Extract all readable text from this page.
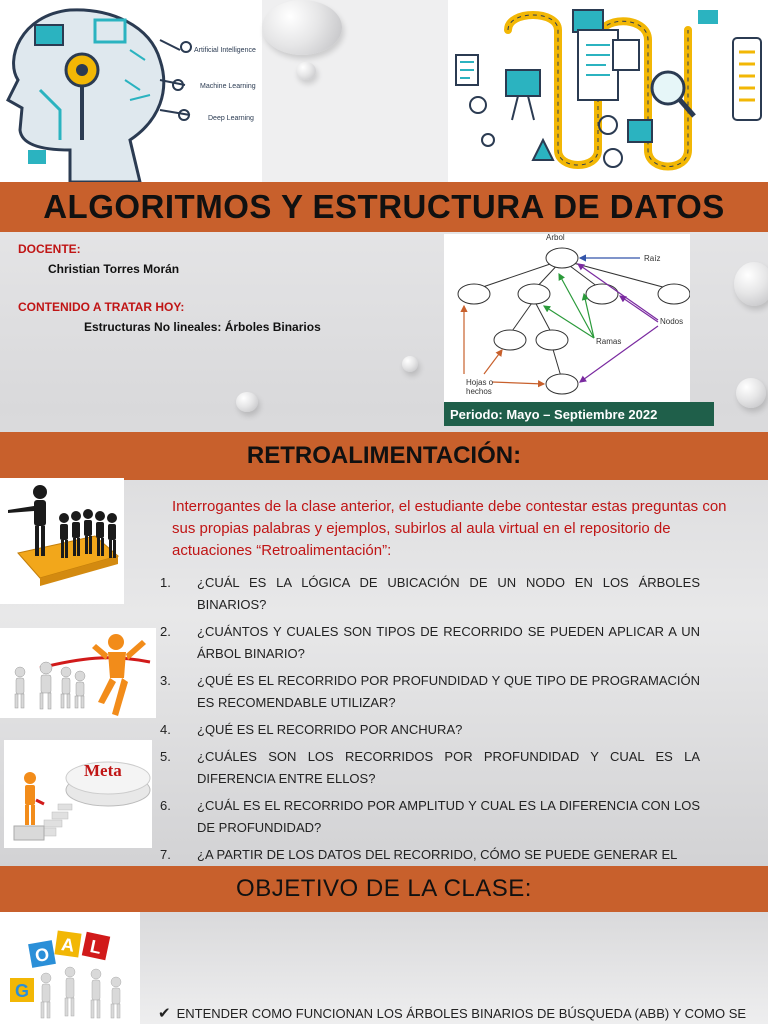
Artificial Intelligence
Machine Learning
Deep Learning
ALGORITMOS Y ESTRUCTURA DE DATOS
DOCENTE:
Christian Torres Morán
CONTENIDO A TRATAR HOY:
Estructuras No lineales: Árboles Binarios
Árbol
Raíz
Ramas
Nodos
Hojas o
hechos
Periodo: Mayo – Septiembre 2022
RETROALIMENTACIÓN:
Meta
Interrogantes de la clase anterior, el estudiante debe contestar estas preguntas con sus propias palabras y ejemplos, subirlos al aula virtual en el repositorio de actuaciones “Retroalimentación”:
1.	¿CUÁL ES LA LÓGICA DE UBICACIÓN DE UN NODO EN LOS ÁRBOLES BINARIOS?
2.	¿CUÁNTOS Y CUALES SON TIPOS DE RECORRIDO SE PUEDEN APLICAR A UN ÁRBOL BINARIO?
3.	¿QUÉ ES EL RECORRIDO POR PROFUNDIDAD Y QUE TIPO DE PROGRAMACIÓN ES RECOMENDABLE UTILIZAR?
4.	¿QUÉ ES EL RECORRIDO POR ANCHURA?
5.	¿CUÁLES SON LOS RECORRIDOS POR PROFUNDIDAD Y CUAL ES LA DIFERENCIA ENTRE ELLOS?
6.	¿CUÁL ES EL RECORRIDO POR AMPLITUD Y CUAL ES LA DIFERENCIA CON LOS DE PROFUNDIDAD?
7.	¿A PARTIR DE LOS DATOS DEL RECORRIDO, CÓMO SE PUEDE GENERAR EL
OBJETIVO DE LA CLASE:
O A L
G
✔ ENTENDER COMO FUNCIONAN LOS ÁRBOLES BINARIOS DE BÚSQUEDA (ABB) Y COMO SE
